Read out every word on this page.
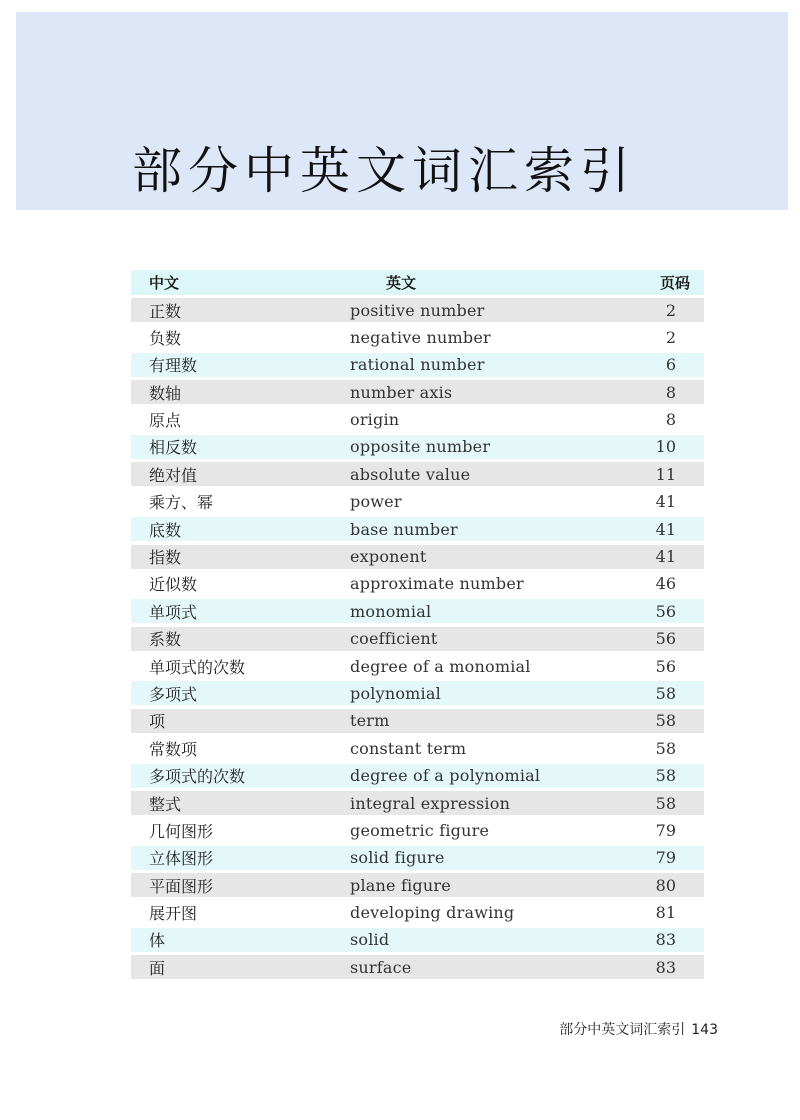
部分中英文词汇索引
中文	英文	页码
正数	positive number	2
负数	negative number	2
有理数	rational number	6
数轴	number axis	8
原点	origin	8
相反数	opposite number	10
绝对值	absolute value	11
乘方、幂	power	41
底数	base number	41
指数	exponent	41
近似数	approximate number	46
单项式	monomial	56
系数	coefficient	56
单项式的次数	degree of a monomial	56
多项式	polynomial	58
项	term	58
常数项	constant term	58
多项式的次数	degree of a polynomial	58
整式	integral expression	58
几何图形	geometric figure	79
立体图形	solid figure	79
平面图形	plane figure	80
展开图	developing drawing	81
体	solid	83
面	surface	83
部分中英文词汇索引 143
